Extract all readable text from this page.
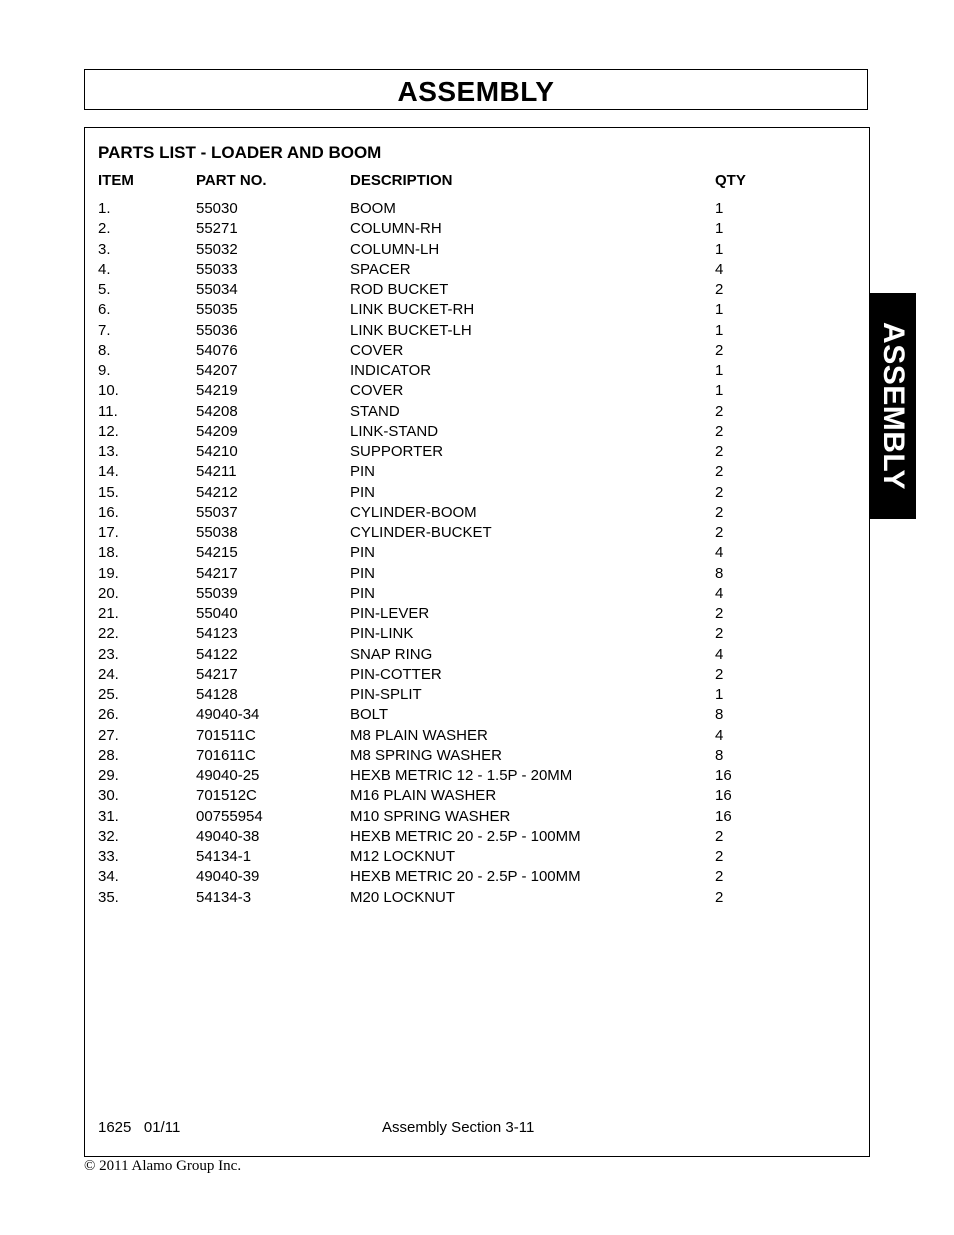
ASSEMBLY
ASSEMBLY
PARTS LIST - LOADER AND BOOM
ITEM	PART NO.	DESCRIPTION	QTY
1.	55030	BOOM	1
2.	55271	COLUMN-RH	1
3.	55032	COLUMN-LH	1
4.	55033	SPACER	4
5.	55034	ROD BUCKET	2
6.	55035	LINK BUCKET-RH	1
7.	55036	LINK BUCKET-LH	1
8.	54076	COVER	2
9.	54207	INDICATOR	1
10.	54219	COVER	1
11.	54208	STAND	2
12.	54209	LINK-STAND	2
13.	54210	SUPPORTER	2
14.	54211	PIN	2
15.	54212	PIN	2
16.	55037	CYLINDER-BOOM	2
17.	55038	CYLINDER-BUCKET	2
18.	54215	PIN	4
19.	54217	PIN	8
20.	55039	PIN	4
21.	55040	PIN-LEVER	2
22.	54123	PIN-LINK	2
23.	54122	SNAP RING	4
24.	54217	PIN-COTTER	2
25.	54128	PIN-SPLIT	1
26.	49040-34	BOLT	8
27.	701511C	M8 PLAIN WASHER	4
28.	701611C	M8 SPRING WASHER	8
29.	49040-25	HEXB METRIC 12 - 1.5P - 20MM	16
30.	701512C	M16 PLAIN WASHER	16
31.	00755954	M10 SPRING WASHER	16
32.	49040-38	HEXB METRIC 20 - 2.5P - 100MM	2
33.	54134-1	M12 LOCKNUT	2
34.	49040-39	HEXB METRIC 20 - 2.5P - 100MM	2
35.	54134-3	M20 LOCKNUT	2
1625   01/11	Assembly Section 3-11
© 2011 Alamo Group Inc.
